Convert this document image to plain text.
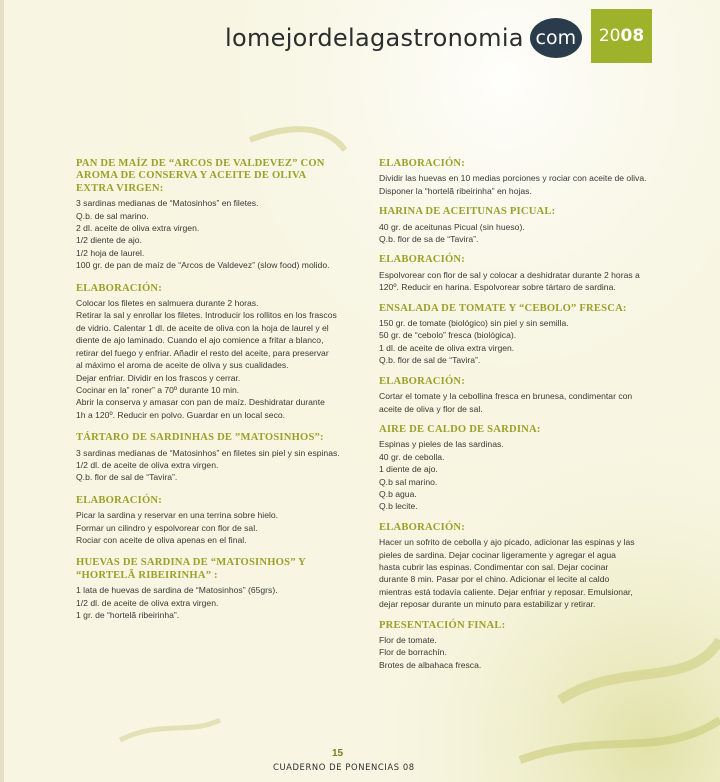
lomejordelagastronomia com	20 08
PAN DE MAÍZ DE “ARCOS DE VALDEVEZ” CON
AROMA DE CONSERVA Y ACEITE DE OLIVA
EXTRA VIRGEN:
3 sardinas medianas de “Matosinhos” en filetes.
Q.b. de sal marino.
2 dl. aceite de oliva extra virgen.
1/2 diente de ajo.
1/2 hoja de laurel.
100 gr. de pan de maíz de “Arcos de Valdevez” (slow food) molido.
ELABORACIÓN:
Colocar los filetes en salmuera durante 2 horas.
Retirar la sal y enrollar los filetes. Introducir los rollitos en los frascos
de vidrio. Calentar 1 dl. de aceite de oliva con la hoja de laurel y el
diente de ajo laminado. Cuando el ajo comience a fritar a blanco,
retirar del fuego y enfriar. Añadir el resto del aceite, para preservar
al máximo el aroma de aceite de oliva y sus cualidades.
Dejar enfriar. Dividir en los frascos y cerrar.
Cocinar en la” roner” a 70º durante 10 min.
Abrir la conserva y amasar con pan de maíz. Deshidratar durante
1h a 120º. Reducir en polvo. Guardar en un local seco.
TÁRTARO DE SARDINHAS DE ”MATOSINHOS”:
3 sardinas medianas de “Matosinhos” en filetes sin piel y sin espinas.
1/2 dl. de aceite de oliva extra virgen.
Q.b. flor de sal de “Tavira”.
ELABORACIÓN:
Picar la sardina y reservar en una terrina sobre hielo.
Formar un cilindro y espolvorear con flor de sal.
Rociar con aceite de oliva apenas en el final.
HUEVAS DE SARDINA DE “MATOSINHOS” Y
“HORTELÃ RIBEIRINHA” :
1 lata de huevas de sardina de “Matosinhos” (65grs).
1/2 dl. de aceite de oliva extra virgen.
1 gr. de “hortelã ribeirinha”.
ELABORACIÓN:
Dividir las huevas en 10 medias porciones y rociar con aceite de oliva.
Disponer la “hortelã ribeirinha” en hojas.
HARINA DE ACEITUNAS PICUAL:
40 gr. de aceitunas Picual (sin hueso).
Q.b. flor de sa de “Tavira”.
ELABORACIÓN:
Espolvorear con flor de sal y colocar a deshidratar durante 2 horas a
120º. Reducir en harina. Espolvorear sobre tártaro de sardina.
ENSALADA DE TOMATE Y “CEBOLO” FRESCA:
150 gr. de tomate (biológico) sin piel y sin semilla.
50 gr. de “cebolo” fresca (biológica).
1 dl. de aceite de oliva extra virgen.
Q.b. flor de sal de “Tavira”.
ELABORACIÓN:
Cortar el tomate y la cebollina fresca en brunesa, condimentar con
aceite de oliva y flor de sal.
AIRE DE CALDO DE SARDINA:
Espinas y pieles de las sardinas.
40 gr. de cebolla.
1 diente de ajo.
Q.b sal marino.
Q.b agua.
Q.b lecite.
ELABORACIÓN:
Hacer un sofrito de cebolla y ajo picado, adicionar las espinas y las
pieles de sardina. Dejar cocinar ligeramente y agregar el agua
hasta cubrir las espinas. Condimentar con sal. Dejar cocinar
durante 8 min. Pasar por el chino. Adicionar el lecite al caldo
mientras está todavía caliente. Dejar enfriar y reposar. Emulsionar,
dejar reposar durante un minuto para estabilizar y retirar.
PRESENTACIÓN FINAL:
Flor de tomate.
Flor de borrachín.
Brotes de albahaca fresca.
15
CUADERNO DE PONENCIAS 08
